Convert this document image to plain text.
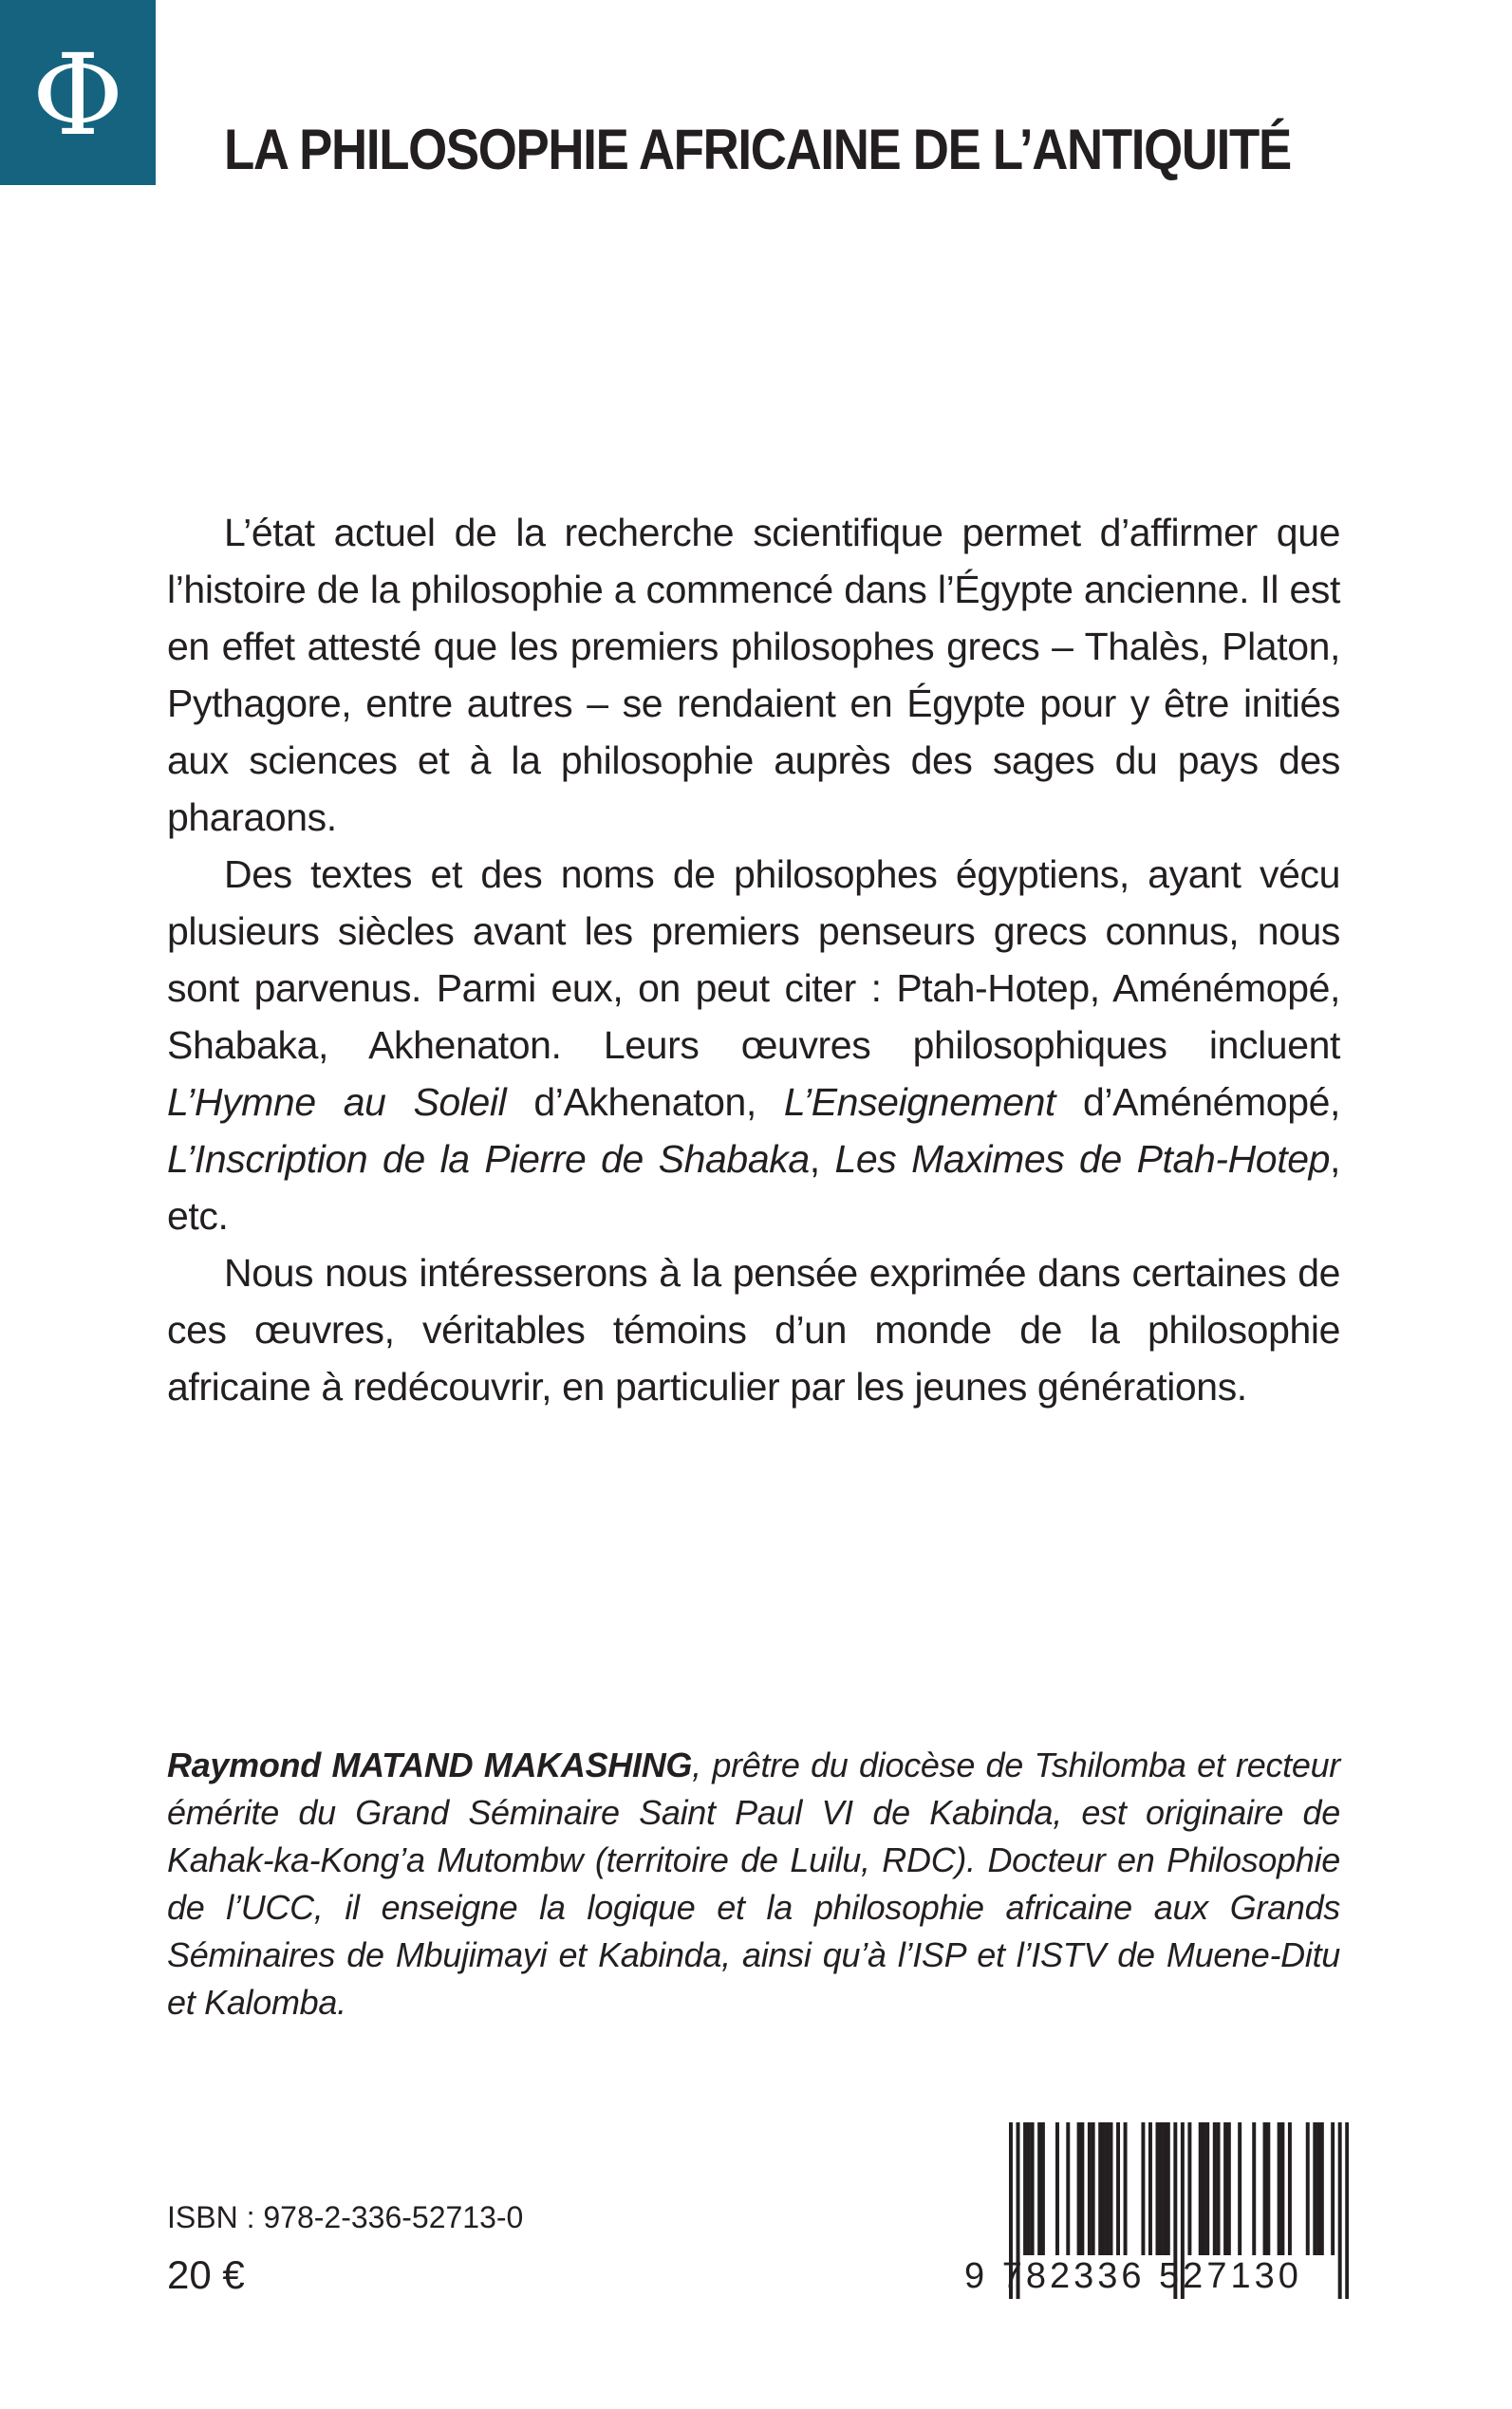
Φ LA PHILOSOPHIE AFRICAINE DE L’ANTIQUITÉ

L’état actuel de la recherche scientifique permet d’affirmer que l’histoire de la philosophie a commencé dans l’Égypte ancienne. Il est en effet attesté que les premiers philosophes grecs – Thalès, Platon, Pythagore, entre autres – se rendaient en Égypte pour y être initiés aux sciences et à la philosophie auprès des sages du pays des pharaons.

Des textes et des noms de philosophes égyptiens, ayant vécu plusieurs siècles avant les premiers penseurs grecs connus, nous sont parvenus. Parmi eux, on peut citer : Ptah-Hotep, Aménémopé, Shabaka, Akhenaton. Leurs œuvres philosophiques incluent L’Hymne au Soleil d’Akhenaton, L’Enseignement d’Aménémopé, L’Inscription de la Pierre de Shabaka, Les Maximes de Ptah-Hotep, etc.

Nous nous intéresserons à la pensée exprimée dans certaines de ces œuvres, véritables témoins d’un monde de la philosophie africaine à redécouvrir, en particulier par les jeunes générations.

Raymond MATAND MAKASHING, prêtre du diocèse de Tshilomba et recteur émérite du Grand Séminaire Saint Paul VI de Kabinda, est originaire de Kahak-ka-Kong’a Mutombw (territoire de Luilu, RDC). Docteur en Philosophie de l’UCC, il enseigne la logique et la philosophie africaine aux Grands Séminaires de Mbujimayi et Kabinda, ainsi qu’à l’ISP et l’ISTV de Muene-Ditu et Kalomba.
ISBN : 978-2-336-52713-0
20 €	9 782336 527130
